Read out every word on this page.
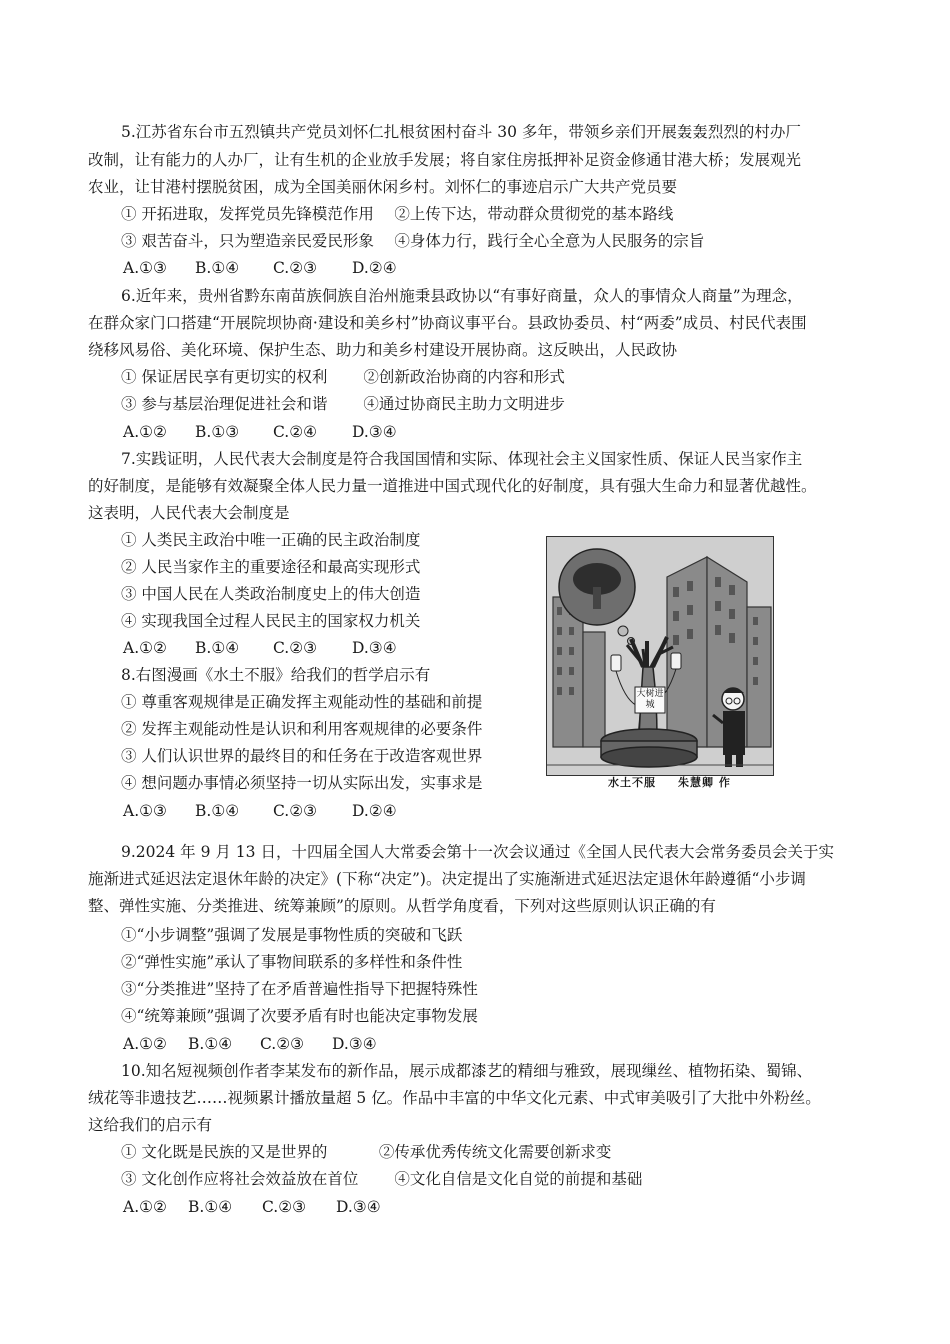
5.江苏省东台市五烈镇共产党员刘怀仁扎根贫困村奋斗 30 多年，带领乡亲们开展轰轰烈烈的村办厂
改制，让有能力的人办厂，让有生机的企业放手发展；将自家住房抵押补足资金修通甘港大桥；发展观光
农业，让甘港村摆脱贫困，成为全国美丽休闲乡村。刘怀仁的事迹启示广大共产党员要
① 开拓进取，发挥党员先锋模范作用　 ②上传下达，带动群众贯彻党的基本路线
③ 艰苦奋斗，只为塑造亲民爱民形象　 ④身体力行，践行全心全意为人民服务的宗旨
A.①③ B.①④ C.②③ D.②④
6.近年来，贵州省黔东南苗族侗族自治州施秉县政协以“有事好商量，众人的事情众人商量”为理念，
在群众家门口搭建“开展院坝协商·建设和美乡村”协商议事平台。县政协委员、村“两委”成员、村民代表围
绕移风易俗、美化环境、保护生态、助力和美乡村建设开展协商。这反映出，人民政协
① 保证居民享有更切实的权利　　 ②创新政治协商的内容和形式
③ 参与基层治理促进社会和谐　　 ④通过协商民主助力文明进步
A.①② B.①③ C.②④ D.③④
7.实践证明，人民代表大会制度是符合我国国情和实际、体现社会主义国家性质、保证人民当家作主
的好制度，是能够有效凝聚全体人民力量一道推进中国式现代化的好制度，具有强大生命力和显著优越性。
这表明，人民代表大会制度是
① 人类民主政治中唯一正确的民主政治制度
② 人民当家作主的重要途径和最高实现形式
③ 中国人民在人类政治制度史上的伟大创造
④ 实现我国全过程人民民主的国家权力机关
A.①② B.①④ C.②③ D.③④
8.右图漫画《水土不服》给我们的哲学启示有
① 尊重客观规律是正确发挥主观能动性的基础和前提
② 发挥主观能动性是认识和利用客观规律的必要条件
③ 人们认识世界的最终目的和任务在于改造客观世界
④ 想问题办事情必须坚持一切从实际出发，实事求是
A.①③ B.①④ C.②③ D.②④
大树进城
水土不服 朱慧卿 作
9.2024 年 9 月 13 日，十四届全国人大常委会第十一次会议通过《全国人民代表大会常务委员会关于实
施渐进式延迟法定退休年龄的决定》(下称“决定”)。决定提出了实施渐进式延迟法定退休年龄遵循“小步调
整、弹性实施、分类推进、统筹兼顾”的原则。从哲学角度看，下列对这些原则认识正确的有
①“小步调整”强调了发展是事物性质的突破和飞跃
②“弹性实施”承认了事物间联系的多样性和条件性
③“分类推进”坚持了在矛盾普遍性指导下把握特殊性
④“统筹兼顾”强调了次要矛盾有时也能决定事物发展
A.①② B.①④ C.②③ D.③④
10.知名短视频创作者李某发布的新作品，展示成都漆艺的精细与雅致，展现缫丝、植物拓染、蜀锦、
绒花等非遗技艺……视频累计播放量超 5 亿。作品中丰富的中华文化元素、中式审美吸引了大批中外粉丝。
这给我们的启示有
① 文化既是民族的又是世界的　　　 ②传承优秀传统文化需要创新求变
③ 文化创作应将社会效益放在首位　　 ④文化自信是文化自觉的前提和基础
A.①② B.①④ C.②③ D.③④
